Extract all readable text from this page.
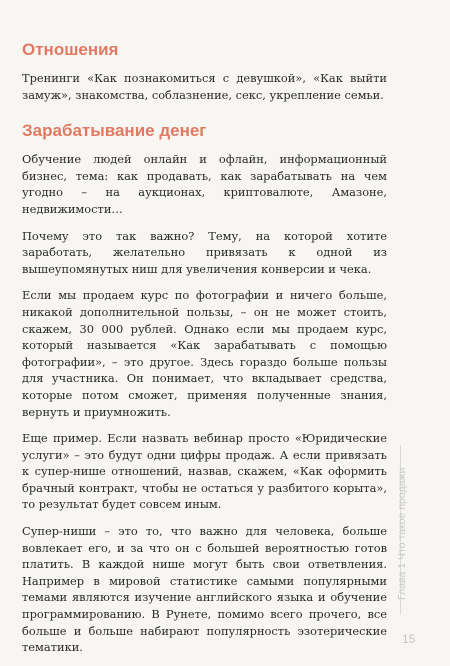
Отношения

Тренинги «Как познакомиться с девушкой», «Как выйти замуж», знакомства, соблазнение, секс, укрепление семьи.

Зарабатывание денег

Обучение людей онлайн и офлайн, информационный бизнес, тема: как продавать, как зарабатывать на чем угодно – на аукционах, криптовалюте, Амазоне, недвижимости…

Почему это так важно? Тему, на которой хотите заработать, желательно привязать к одной из вышеупомянутых ниш для увеличения конверсии и чека.

Если мы продаем курс по фотографии и ничего больше, никакой дополнительной пользы, – он не может стоить, скажем, 30 000 рублей. Однако если мы продаем курс, который называется «Как зарабатывать с помощью фотографии», – это другое. Здесь гораздо больше пользы для участника. Он понимает, что вкладывает средства, которые потом сможет, применяя полученные знания, вернуть и приумножить.

Еще пример. Если назвать вебинар просто «Юридические услуги» – это будут одни цифры продаж. А если привязать к супер-нише отношений, назвав, скажем, «Как оформить брачный контракт, чтобы не остаться у разбитого корыта», то результат будет совсем иным.

Супер-ниши – это то, что важно для человека, больше вовлекает его, и за что он с большей вероятностью готов платить. В каждой нише могут быть свои ответвления. Например в мировой статистике самыми популярными темами являются изучение английского языка и обучение программированию. В Рунете, помимо всего прочего, все больше и больше набирают популярность эзотерические тематики.

Глава 1 Что такое продажи
15
